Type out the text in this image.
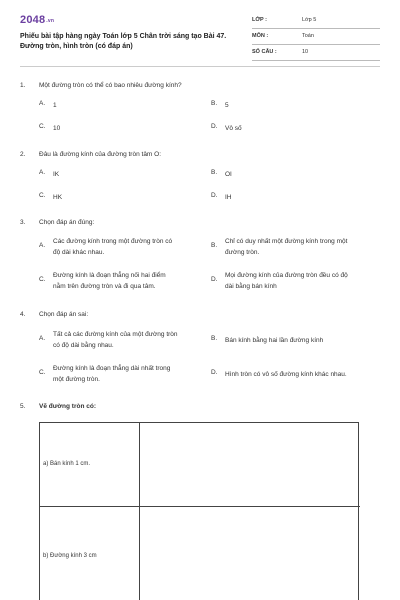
$2048^{.vn}$
Phiếu bài tập hàng ngày Toán lớp 5 Chân trời sáng tạo Bài 47. Đường tròn, hình tròn (có đáp án)
LỚP :	Lớp 5
MÔN :	Toán
SỐ CÂU :	10
1. Một đường tròn có thể có bao nhiêu đường kính?
A. 1	B. 5
C. 10	D. Vô số
2. Đâu là đường kính của đường tròn tâm O:
A. IK	B. OI
C. HK	D. IH
3. Chọn đáp án đúng:
A.
Các đường kính trong một đường tròn có
độ dài khác nhau.
B.
Chỉ có duy nhất một đường kính trong một
đường tròn.
C.
Đường kính là đoạn thẳng nối hai điểm
nằm trên đường tròn và đi qua tâm.
D.
Mọi đường kính của đường tròn đều có độ
dài bằng bán kính
4. Chọn đáp án sai:
A.
Tất cả các đường kính của một đường tròn
có độ dài bằng nhau.
B. Bán kính bằng hai lần đường kính
C.
Đường kính là đoạn thẳng dài nhất trong
một đường tròn.
D. Hình tròn có vô số đường kính khác nhau.
5. Vẽ đường tròn có:
a) Bán kính 1 cm.
b) Đường kính 3 cm
